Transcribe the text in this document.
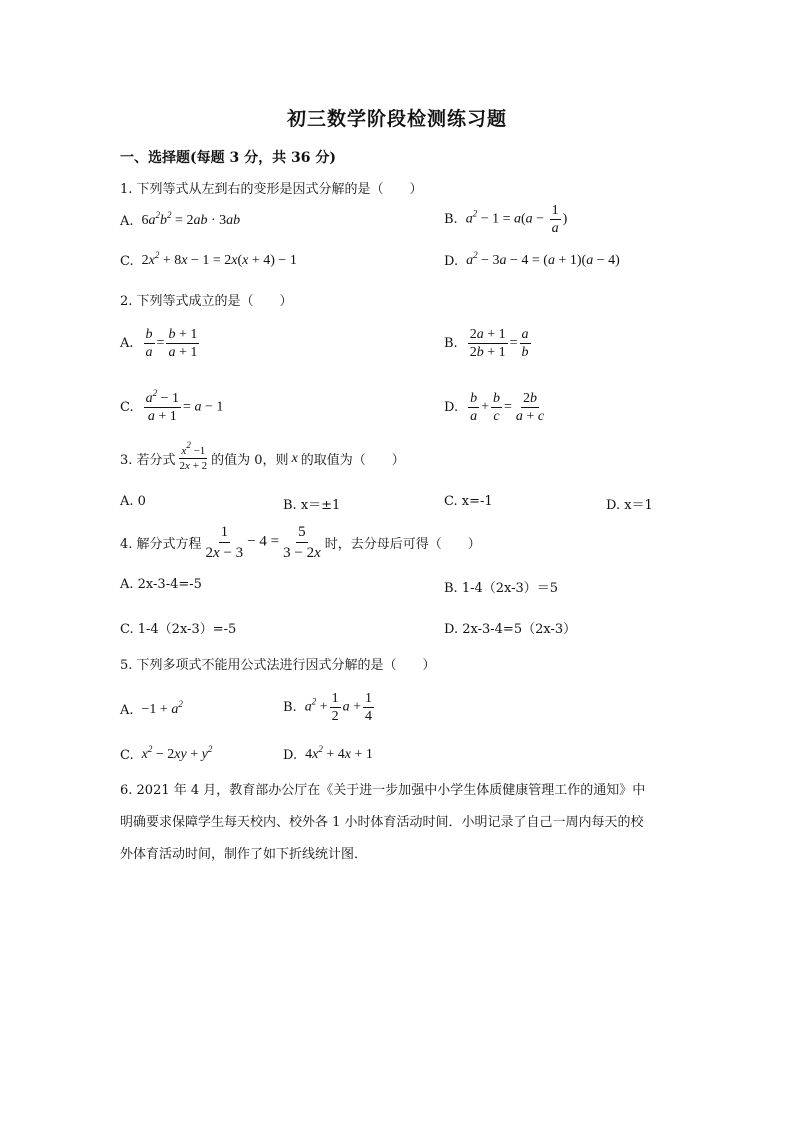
初三数学阶段检测练习题
一、选择题(每题 3 分，共 36 分)
1. 下列等式从左到右的变形是因式分解的是（　　）
A. $6a^2b^2 = 2ab \cdot 3ab$	B. $a^2 - 1 = a(a - \frac{1}{a}$ )
C. $2x^2 + 8x - 1 = 2x(x + 4) - 1$	D. $a^2 - 3a - 4 = (a + 1)(a - 4)$
2. 下列等式成立的是（　　）
A. $\frac{b}{a} = \frac{b + 1}{a + 1}$	B. $\frac{2a + 1}{2b + 1} = \frac{a}{b}$
C. $\frac{a^2 - 1}{a + 1} = a - 1$	D. $\frac{b}{a} + \frac{b}{c} = \frac{2b}{a + c}$
3. 若分式 $\frac{x^2 -1}{2x + 2}$ 的值为 0，则 x 的取值为（　　）
A. 0	B. x＝±1	C. x=-1	D. x＝1
4. 解分式方程 $\frac{1}{2x - 3} - 4 = \frac{5}{3 - 2x}$ 时，去分母后可得（　　）
A. 2x-3-4=-5	B. 1-4（2x-3）＝5
C. 1-4（2x-3）=-5	D. 2x-3-4=5（2x-3）
5. 下列多项式不能用公式法进行因式分解的是（　　）
A. $-1 + a^2$	B. $a^2 + \frac{1}{2}$ $a + \frac{1}{4}$
C. $x^2 - 2xy + y^2$	D. $4x^2 + 4x + 1$
6. 2021 年 4 月，教育部办公厅在《关于进一步加强中小学生体质健康管理工作的通知》中
明确要求保障学生每天校内、校外各 1 小时体育活动时间．小明记录了自己一周内每天的校
外体育活动时间，制作了如下折线统计图．
